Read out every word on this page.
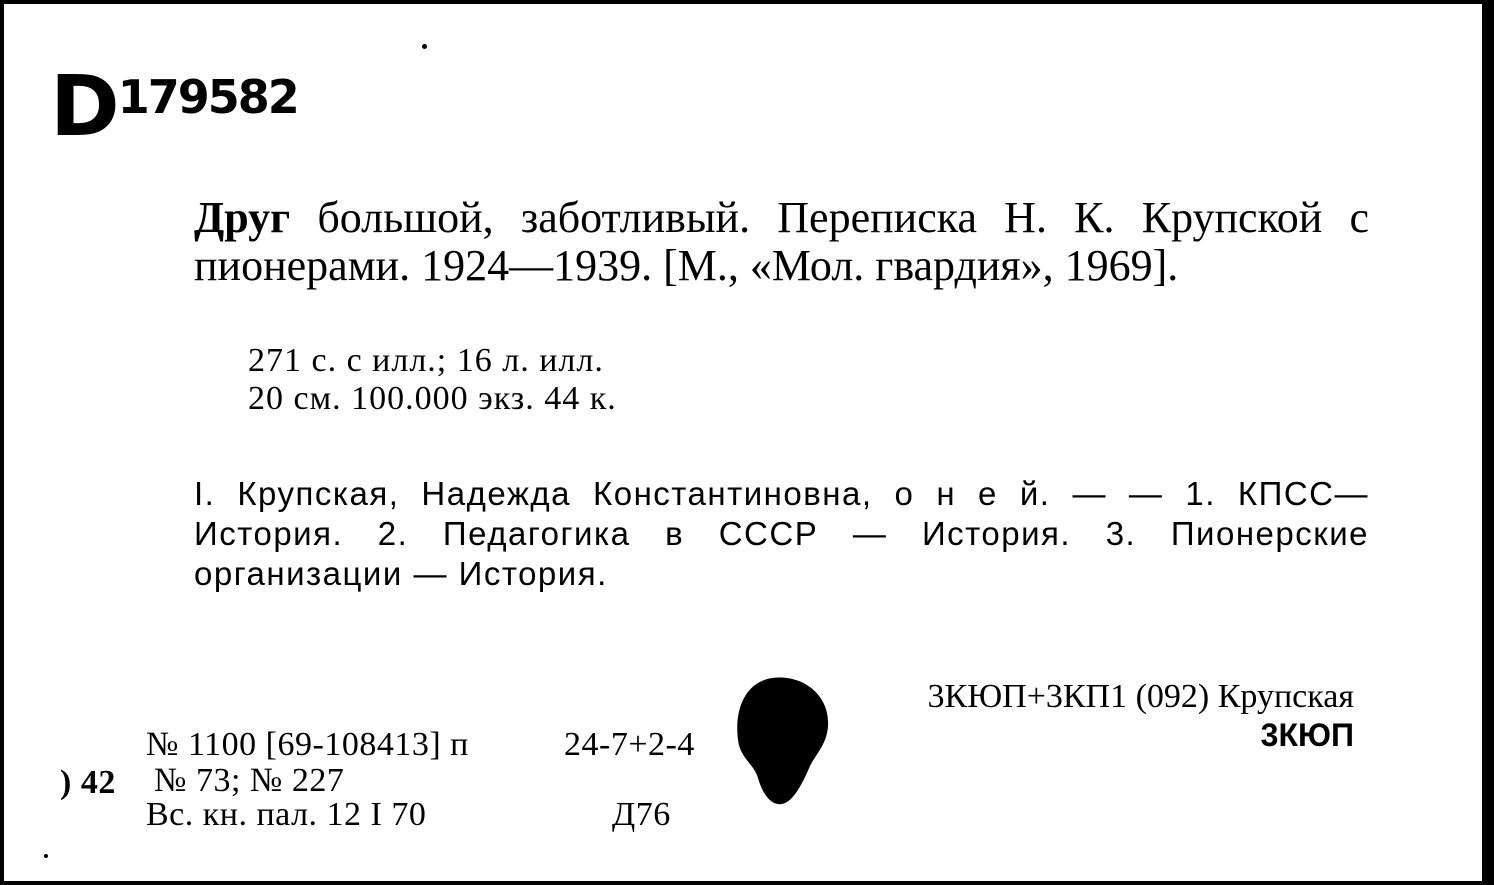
D179582
Друг большой, заботливый. Переписка Н. К. Крупской с пионерами. 1924—1939. [М., «Мол. гвардия», 1969].
271 с. с илл.; 16 л. илл.
20 см. 100.000 экз. 44 к.
I. Крупская, Надежда Константиновна, о н е й. — — 1. КПСС—История. 2. Педагогика в СССР — История. 3. Пионерские организации — История.
3КЮП+3КП1 (092) Крупская
3КЮП
№ 1100 [69-108413] п	24-7+2-4
) 42 № 73; № 227
Вс. кн. пал. 12 I 70	Д76
